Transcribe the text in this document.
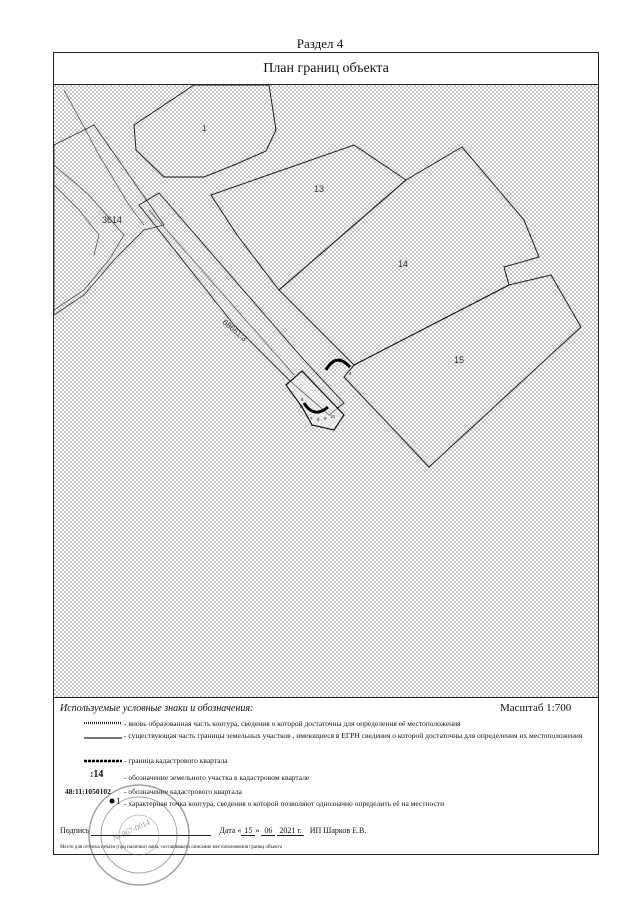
Раздел 4
План границ объекта
1
13
14
15
3614
68661:3
1 2
3
4
5
6
7 8 9 10
Используемые условные знаки и обозначения:	Масштаб 1:700
:14
48:11:1050102
1
- вновь образованная часть контура, сведения о которой достаточны для определения её местоположения
- существующая часть границы земельных участков , имеющиеся в ЕГРН сведения о которой достаточны для определения их местоположения
- граница кадастрового квартала
- обозначение земельного участка в кадастровом квартале
- обозначение кадастрового квартала
- характерная точка контура, сведения о которой позволяют однозначно определить её на местности
Подпись	Дата « 15 » 06 2021 г. ИП Шарков Е.В.
Место для оттиска печати (при наличии) лица, составившего описание местоположения границ объекта
№ 967-00
14
